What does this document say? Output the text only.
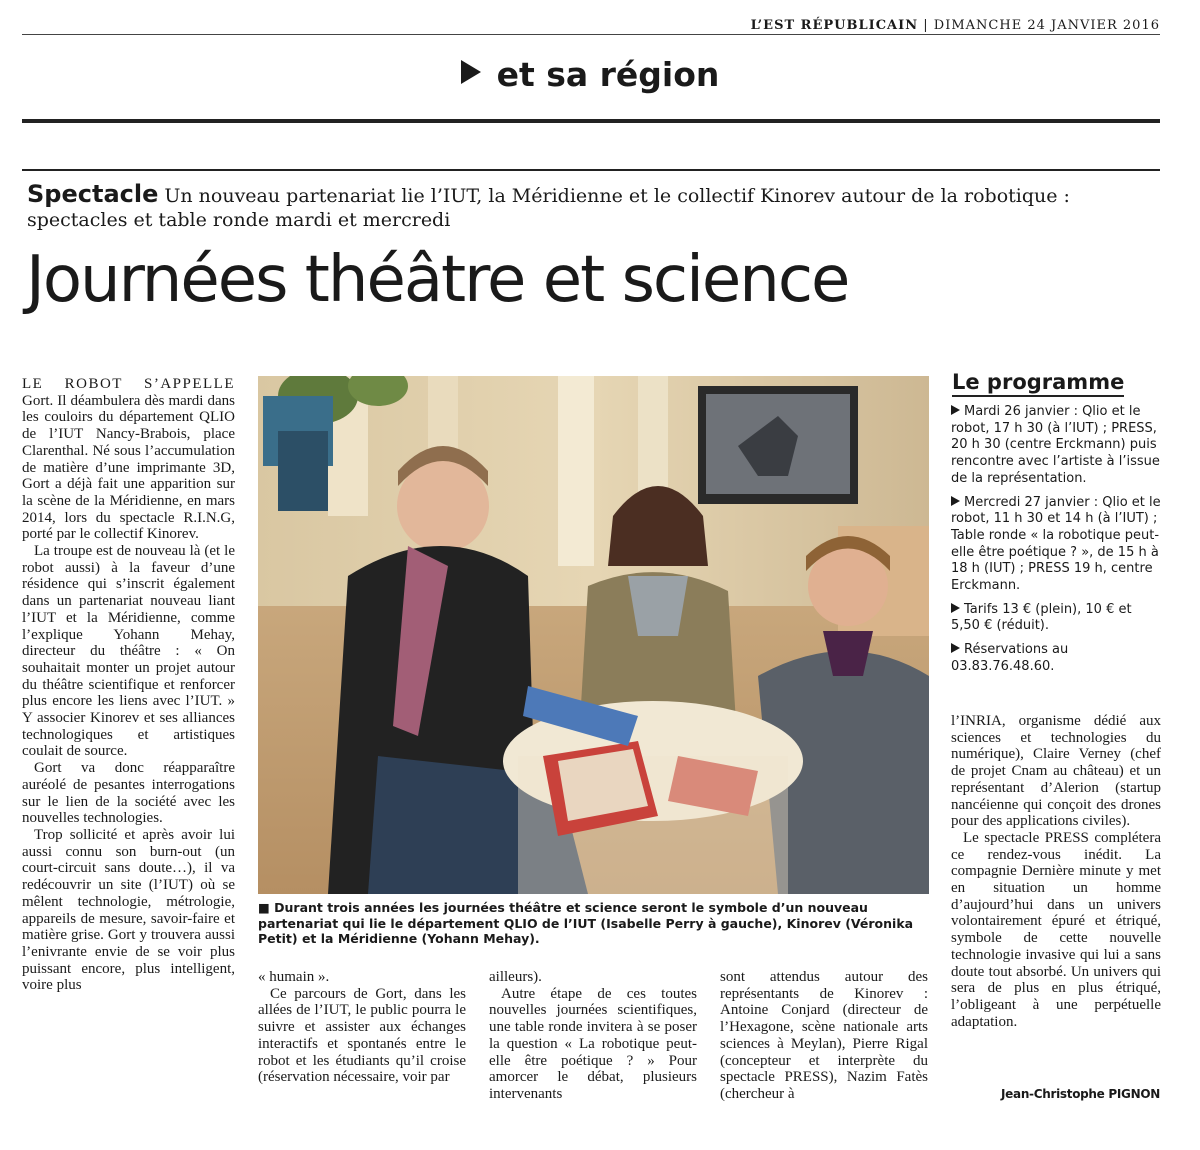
L’EST RÉPUBLICAIN | DIMANCHE 24 JANVIER 2016
et sa région
Spectacle Un nouveau partenariat lie l’IUT, la Méridienne et le collectif Kinorev autour de la robotique : spectacles et table ronde mardi et mercredi
Journées théâtre et science

LE ROBOT S’APPELLE Gort. Il déambulera dès mardi dans les couloirs du département QLIO de l’IUT Nancy-Brabois, place Clarenthal. Né sous l’accumulation de matière d’une imprimante 3D, Gort a déjà fait une apparition sur la scène de la Méridienne, en mars 2014, lors du spectacle R.I.N.G, porté par le collectif Kinorev.

La troupe est de nouveau là (et le robot aussi) à la faveur d’une résidence qui s’inscrit également dans un partenariat nouveau liant l’IUT et la Méridienne, comme l’explique Yohann Mehay, directeur du théâtre : « On souhaitait monter un projet autour du théâtre scientifique et renforcer plus encore les liens avec l’IUT. » Y associer Kinorev et ses alliances technologiques et artistiques coulait de source.

Gort va donc réapparaître auréolé de pesantes interrogations sur le lien de la société avec les nouvelles technologies.

Trop sollicité et après avoir lui aussi connu son burn-out (un court-circuit sans doute…), il va redécouvrir un site (l’IUT) où se mêlent technologie, métrologie, appareils de mesure, savoir-faire et matière grise. Gort y trouvera aussi l’enivrante envie de se voir plus puissant encore, plus intelligent, voire plus

■ Durant trois années les journées théâtre et science seront le symbole d’un nouveau partenariat qui lie le département QLIO de l’IUT (Isabelle Perry à gauche), Kinorev (Véronika Petit) et la Méridienne (Yohann Mehay).

« humain ».

Ce parcours de Gort, dans les allées de l’IUT, le public pourra le suivre et assister aux échanges interactifs et spontanés entre le robot et les étudiants qu’il croise (réservation nécessaire, voir par

ailleurs).

Autre étape de ces toutes nouvelles journées scientifiques, une table ronde invitera à se poser la question « La robotique peut-elle être poétique ? » Pour amorcer le débat, plusieurs intervenants

sont attendus autour des représentants de Kinorev : Antoine Conjard (directeur de l’Hexagone, scène nationale arts sciences à Meylan), Pierre Rigal (concepteur et interprète du spectacle PRESS), Nazim Fatès (chercheur à

Le programme
Mardi 26 janvier : Qlio et le robot, 17 h 30 (à l’IUT) ; PRESS, 20 h 30 (centre Erckmann) puis rencontre avec l’artiste à l’issue de la représentation.
Mercredi 27 janvier : Qlio et le robot, 11 h 30 et 14 h (à l’IUT) ; Table ronde « la robotique peut-elle être poétique ? », de 15 h à 18 h (IUT) ; PRESS 19 h, centre Erckmann.
Tarifs 13 € (plein), 10 € et 5,50 € (réduit).
Réservations au 03.83.76.48.60.

l’INRIA, organisme dédié aux sciences et technologies du numérique), Claire Verney (chef de projet Cnam au château) et un représentant d’Alerion (startup nancéienne qui conçoit des drones pour des applications civiles).

Le spectacle PRESS complétera ce rendez-vous inédit. La compagnie Dernière minute y met en situation un homme d’aujourd’hui dans un univers volontairement épuré et étriqué, symbole de cette nouvelle technologie invasive qui lui a sans doute tout absorbé. Un univers qui sera de plus en plus étriqué, l’obligeant à une perpétuelle adaptation.

Jean-Christophe PIGNON
